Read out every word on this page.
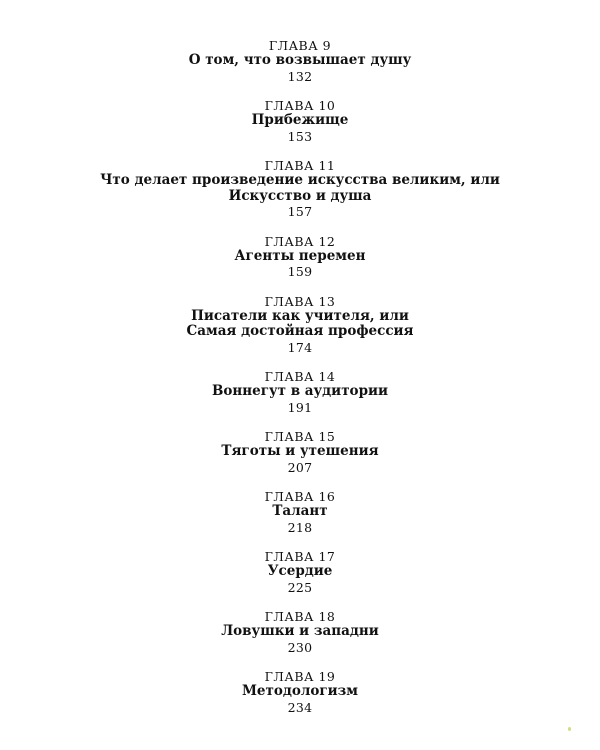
ГЛАВА 9
О том, что возвышает душу
132
ГЛАВА 10
Прибежище
153
ГЛАВА 11
Что делает произведение искусства великим, или
Искусство и душа
157
ГЛАВА 12
Агенты перемен
159
ГЛАВА 13
Писатели как учителя, или
Самая достойная профессия
174
ГЛАВА 14
Воннегут в аудитории
191
ГЛАВА 15
Тяготы и утешения
207
ГЛАВА 16
Талант
218
ГЛАВА 17
Усердие
225
ГЛАВА 18
Ловушки и западни
230
ГЛАВА 19
Методологизм
234
